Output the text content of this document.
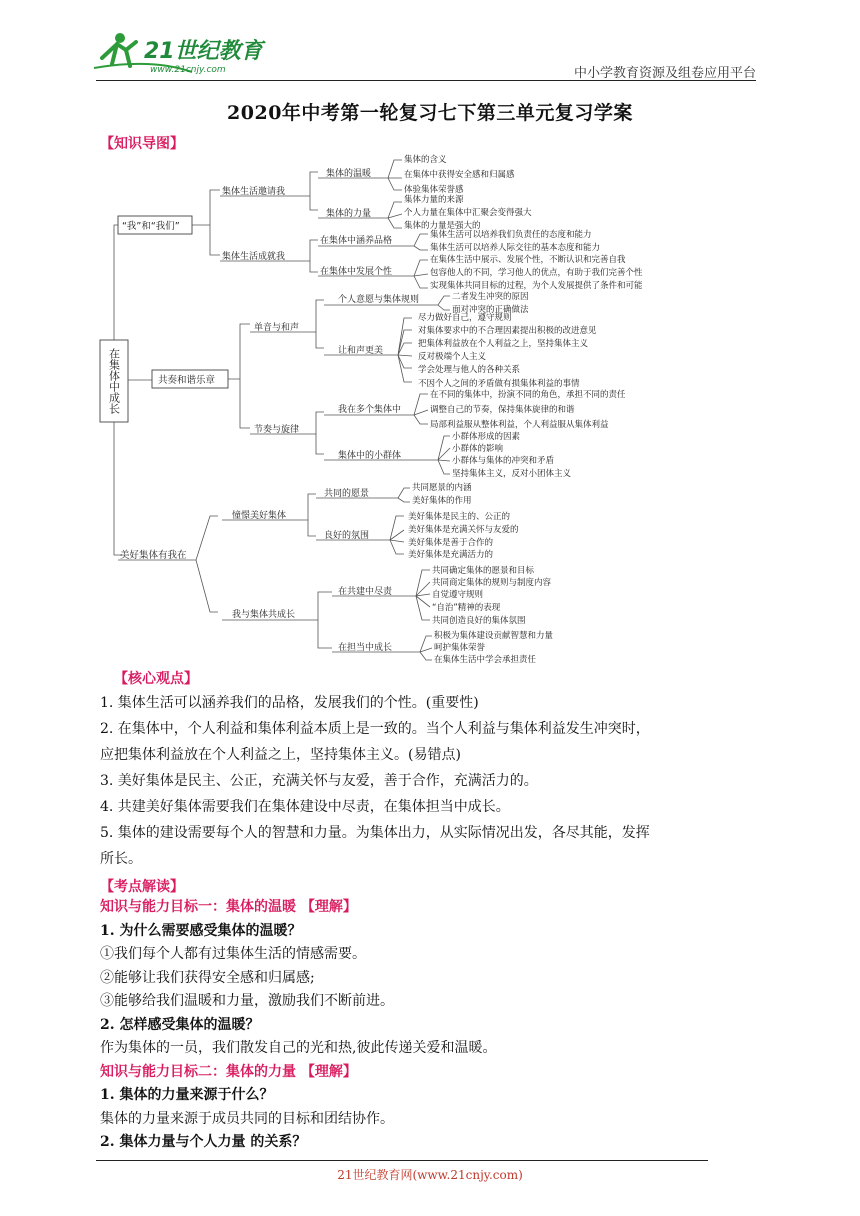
21世纪教育
www.21cnjy.com	中小学教育资源及组卷应用平台
2020年中考第一轮复习七下第三单元复习学案
【知识导图】
在集体中成长
“我”和“我们”
集体生活邀请我
集体的温暖
集体的含义
在集体中获得安全感和归属感
体验集体荣誉感
集体的力量
集体力量的来源
个人力量在集体中汇聚会变得强大
集体的力量是强大的
集体生活成就我
在集体中涵养品格
集体生活可以培养我们负责任的态度和能力
集体生活可以培养人际交往的基本态度和能力
在集体中发展个性
在集体生活中展示、发展个性，不断认识和完善自我
包容他人的不同，学习他人的优点，有助于我们完善个性
实现集体共同目标的过程，为个人发展提供了条件和可能
共奏和谐乐章
单音与和声
个人意愿与集体规则	二者发生冲突的原因
面对冲突的正确做法
让和声更美
尽力做好自己，遵守规则
对集体要求中的不合理因素提出积极的改进意见
把集体利益放在个人利益之上，坚持集体主义
反对极端个人主义
学会处理与他人的各种关系
不因个人之间的矛盾做有损集体利益的事情
节奏与旋律
我在多个集体中
在不同的集体中，扮演不同的角色，承担不同的责任
调整自己的节奏，保持集体旋律的和谐
局部利益服从整体利益，个人利益服从集体利益
集体中的小群体
小群体形成的因素
小群体的影响
小群体与集体的冲突和矛盾
坚持集体主义，反对小团体主义
美好集体有我在
憧憬美好集体
共同的愿景
共同愿景的内涵
美好集体的作用
良好的氛围
美好集体是民主的、公正的
美好集体是充满关怀与友爱的
美好集体是善于合作的
美好集体是充满活力的
我与集体共成长
在共建中尽责
共同确定集体的愿景和目标
共同商定集体的规则与制度内容
自觉遵守规则
“自治”精神的表现
共同创造良好的集体氛围
在担当中成长
积极为集体建设贡献智慧和力量
呵护集体荣誉
在集体生活中学会承担责任
【核心观点】
1. 集体生活可以涵养我们的品格，发展我们的个性。(重要性)
2. 在集体中，个人利益和集体利益本质上是一致的。当个人利益与集体利益发生冲突时，
应把集体利益放在个人利益之上，坚持集体主义。(易错点)
3. 美好集体是民主、公正，充满关怀与友爱，善于合作，充满活力的。
4. 共建美好集体需要我们在集体建设中尽责，在集体担当中成长。
5. 集体的建设需要每个人的智慧和力量。为集体出力，从实际情况出发，各尽其能，发挥
所长。
【考点解读】
知识与能力目标一：集体的温暖 【理解】
1. 为什么需要感受集体的温暖？
①我们每个人都有过集体生活的情感需要。
②能够让我们获得安全感和归属感;
③能够给我们温暖和力量，激励我们不断前进。
2. 怎样感受集体的温暖？
作为集体的一员，我们散发自己的光和热,彼此传递关爱和温暖。
知识与能力目标二：集体的力量 【理解】
1. 集体的力量来源于什么？
集体的力量来源于成员共同的目标和团结协作。
2. 集体力量与个人力量 的关系？
21世纪教育网(www.21cnjy.com)
